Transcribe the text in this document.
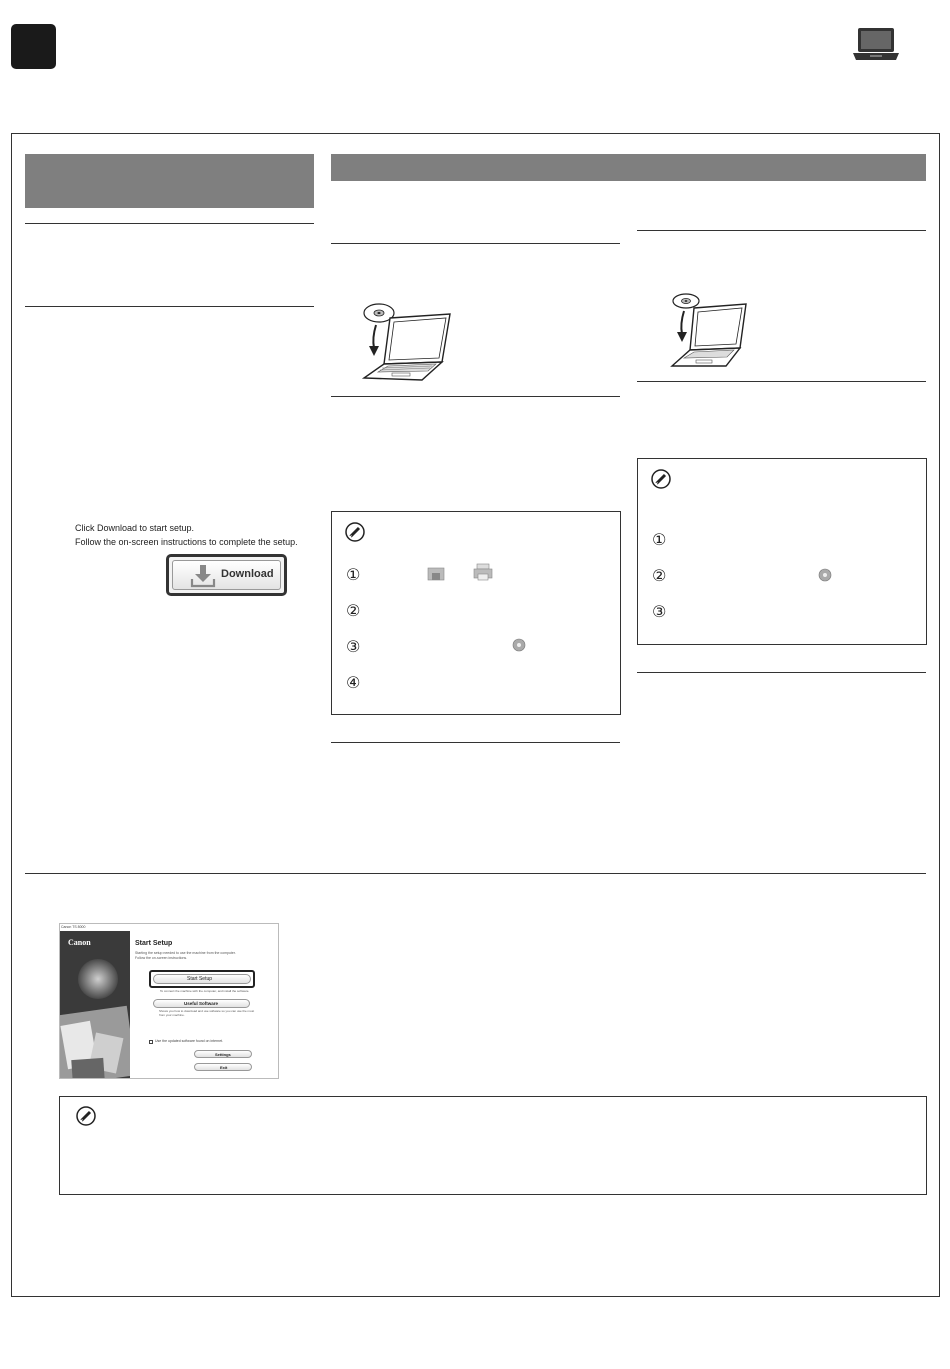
Click Download to start setup.
Follow the on-screen instructions to complete the setup.
Download	①
②
③
④
①
②
③
Canon TS 8000
Canon	Start Setup
Starting the setup needed to use the machine from the computer.
Follow the on-screen instructions.
Start Setup
To connect the machine with the computer, and install the software.
Useful Software
Shows you how to download and use software so you can use the most
from your machine.
Use the updated software found on internet.
Settings
Exit
